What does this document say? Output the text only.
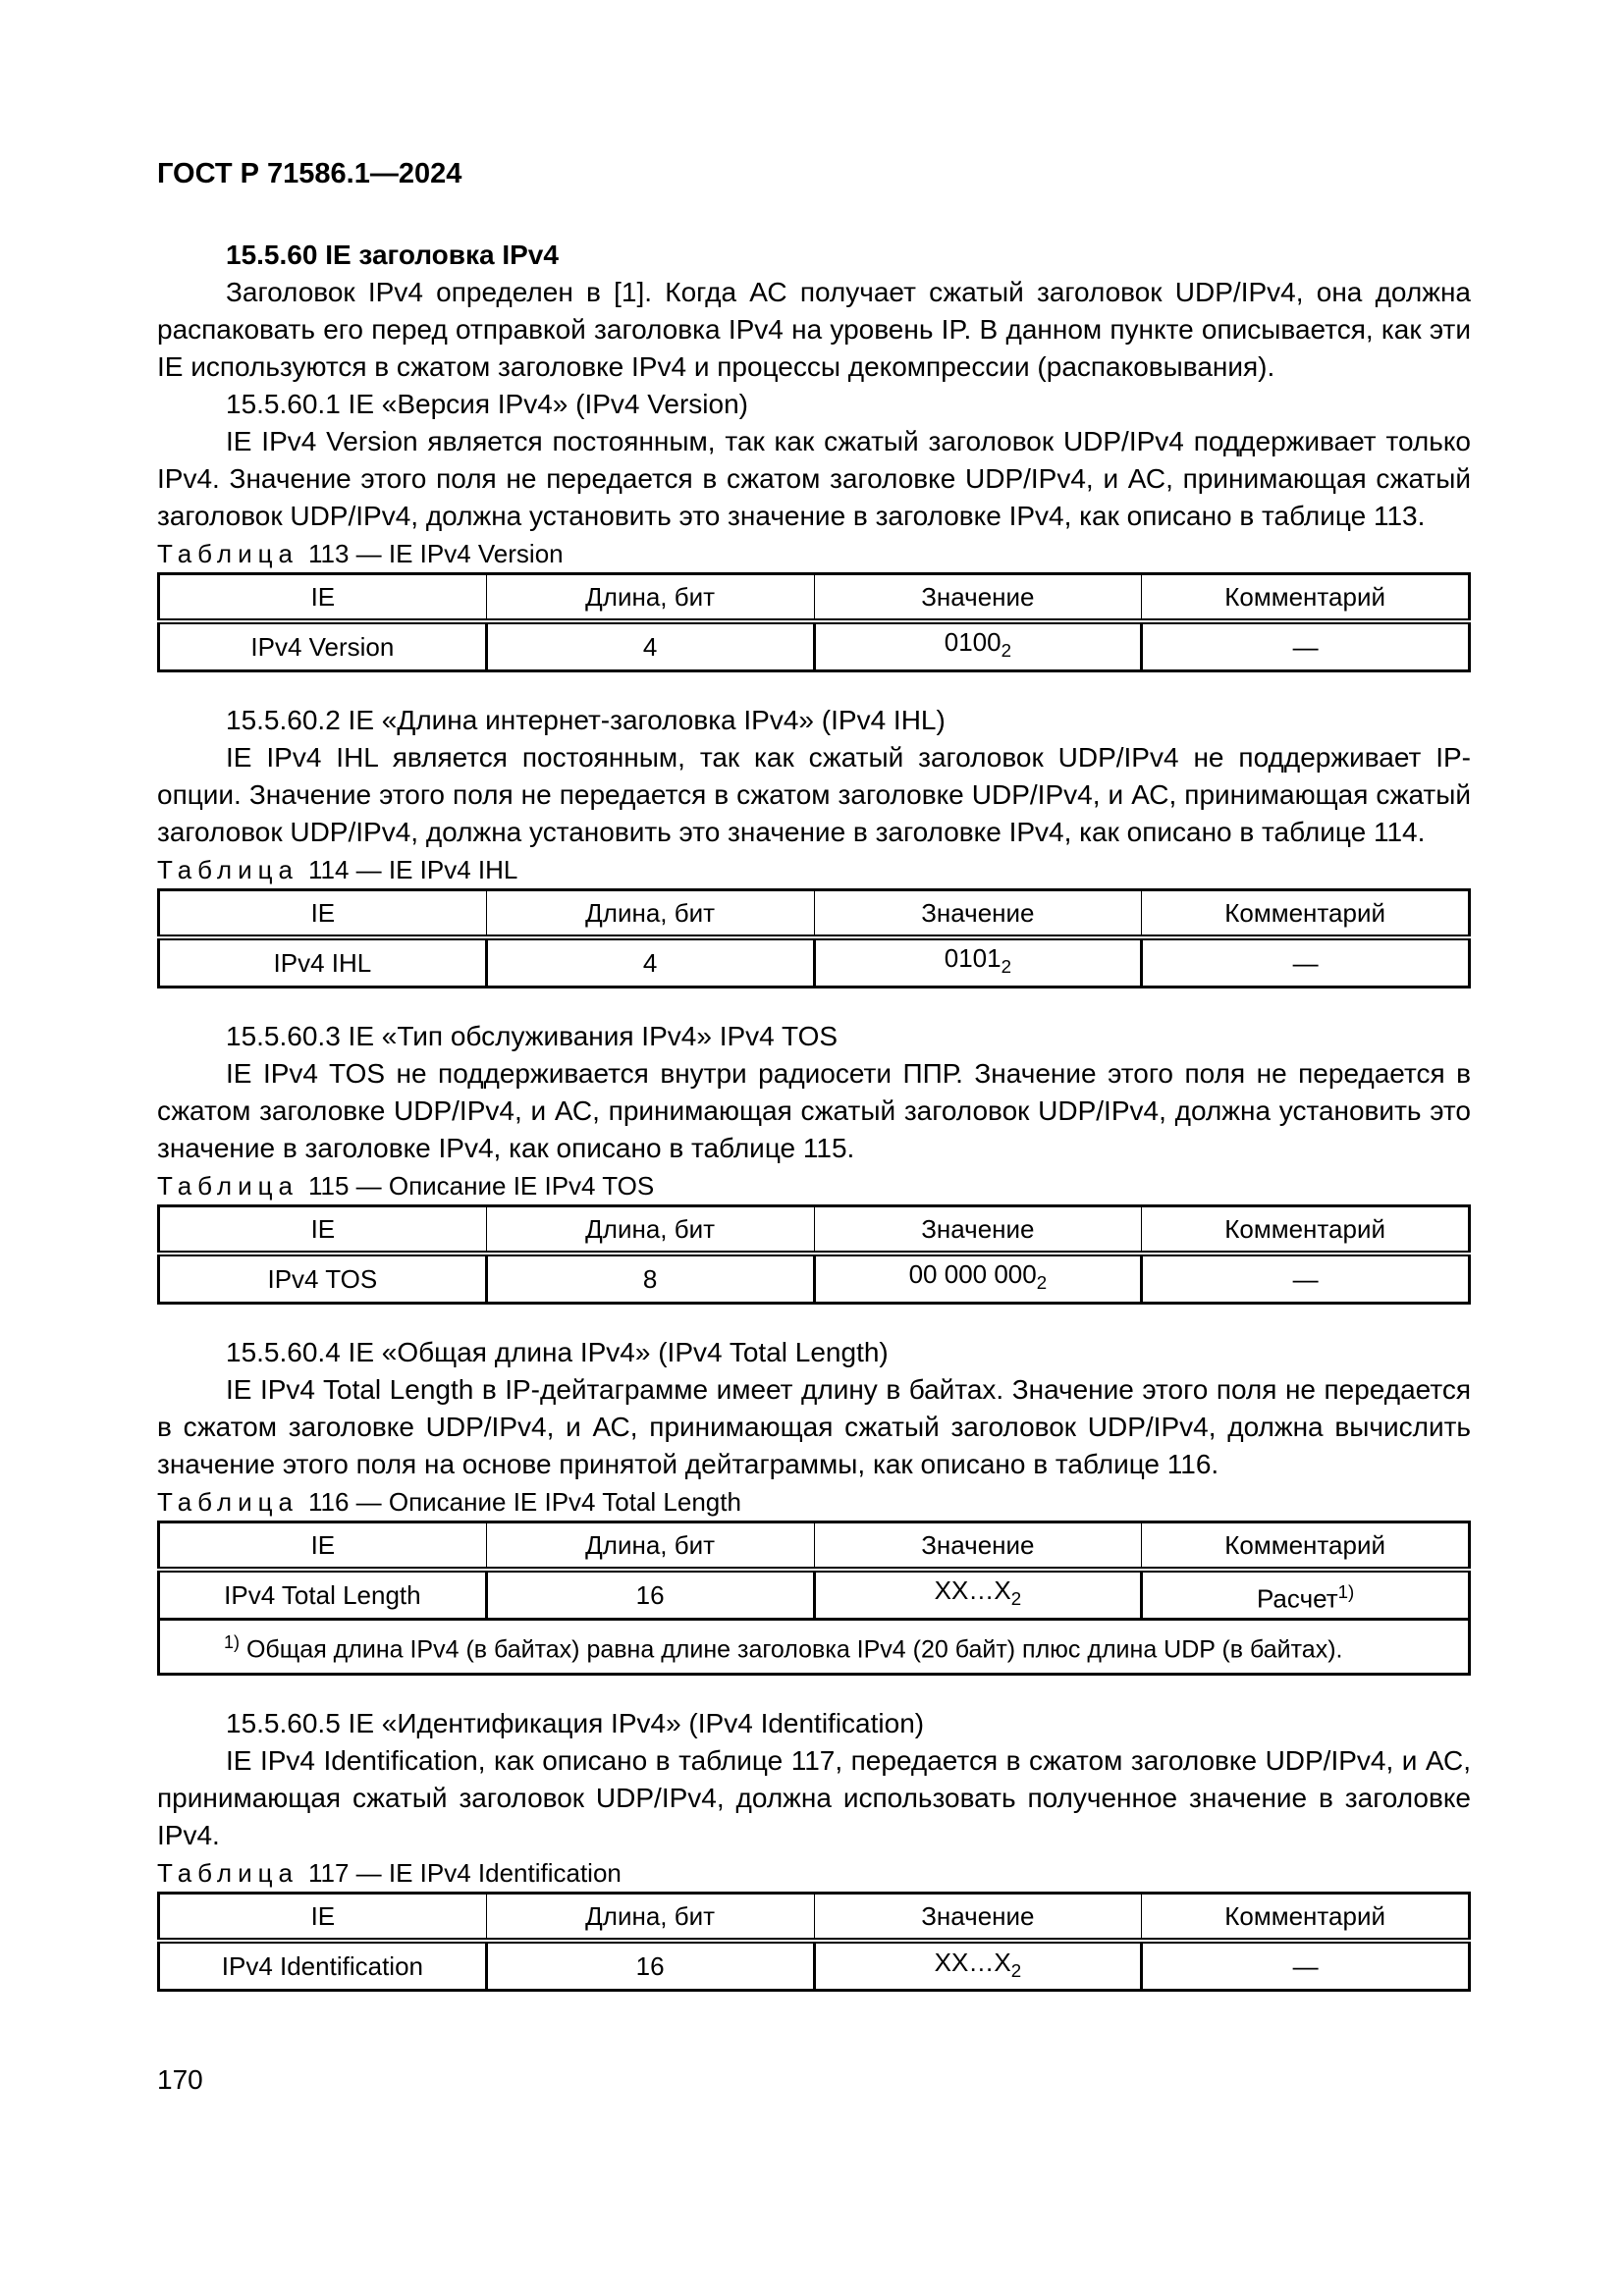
ГОСТ Р 71586.1—2024

15.5.60 IE заголовка IPv4

Заголовок IPv4 определен в [1]. Когда АС получает сжатый заголовок UDP/IPv4, она должна распаковать его перед отправкой заголовка IPv4 на уровень IP. В данном пункте описывается, как эти IE используются в сжатом заголовке IPv4 и процессы декомпрессии (распаковывания).

15.5.60.1 IE «Версия IPv4» (IPv4 Version)

IE IPv4 Version является постоянным, так как сжатый заголовок UDP/IPv4 поддерживает только IPv4. Значение этого поля не передается в сжатом заголовке UDP/IPv4, и АС, принимающая сжатый заголовок UDP/IPv4, должна установить это значение в заголовке IPv4, как описано в таблице 113.

Таблица 113 — IE IPv4 Version

IE	Длина, бит	Значение	Комментарий
IPv4 Version	4	$0100_2$	—
15.5.60.2 IE «Длина интернет-заголовка IPv4» (IPv4 IHL)

IE IPv4 IHL является постоянным, так как сжатый заголовок UDP/IPv4 не поддерживает IP-опции. Значение этого поля не передается в сжатом заголовке UDP/IPv4, и АС, принимающая сжатый заголовок UDP/IPv4, должна установить это значение в заголовке IPv4, как описано в таблице 114.

Таблица 114 — IE IPv4 IHL

IE	Длина, бит	Значение	Комментарий
IPv4 IHL	4	$0101_2$	—
15.5.60.3 IE «Тип обслуживания IPv4» IPv4 TOS

IE IPv4 TOS не поддерживается внутри радиосети ППР. Значение этого поля не передается в сжатом заголовке UDP/IPv4, и АС, принимающая сжатый заголовок UDP/IPv4, должна установить это значение в заголовке IPv4, как описано в таблице 115.

Таблица 115 — Описание IE IPv4 TOS

IE	Длина, бит	Значение	Комментарий
IPv4 TOS	8	00 000 $000_2$	—
15.5.60.4 IE «Общая длина IPv4» (IPv4 Total Length)

IE IPv4 Total Length в IP-дейтаграмме имеет длину в байтах. Значение этого поля не передается в сжатом заголовке UDP/IPv4, и АС, принимающая сжатый заголовок UDP/IPv4, должна вычислить значение этого поля на основе принятой дейтаграммы, как описано в таблице 116.

Таблица 116 — Описание IE IPv4 Total Length

IE	Длина, бит	Значение	Комментарий
IPv4 Total Length	16	$XX\dots X_2$	Расчет$^{1)}$
$^{1)}$ Общая длина IPv4 (в байтах) равна длине заголовка IPv4 (20 байт) плюс длина UDP (в байтах).			
15.5.60.5 IE «Идентификация IPv4» (IPv4 Identification)

IE IPv4 Identification, как описано в таблице 117, передается в сжатом заголовке UDP/IPv4, и АС, принимающая сжатый заголовок UDP/IPv4, должна использовать полученное значение в заголовке IPv4.

Таблица 117 — IE IPv4 Identification

IE	Длина, бит	Значение	Комментарий
IPv4 Identification	16	$XX\dots X_2$	—
170
